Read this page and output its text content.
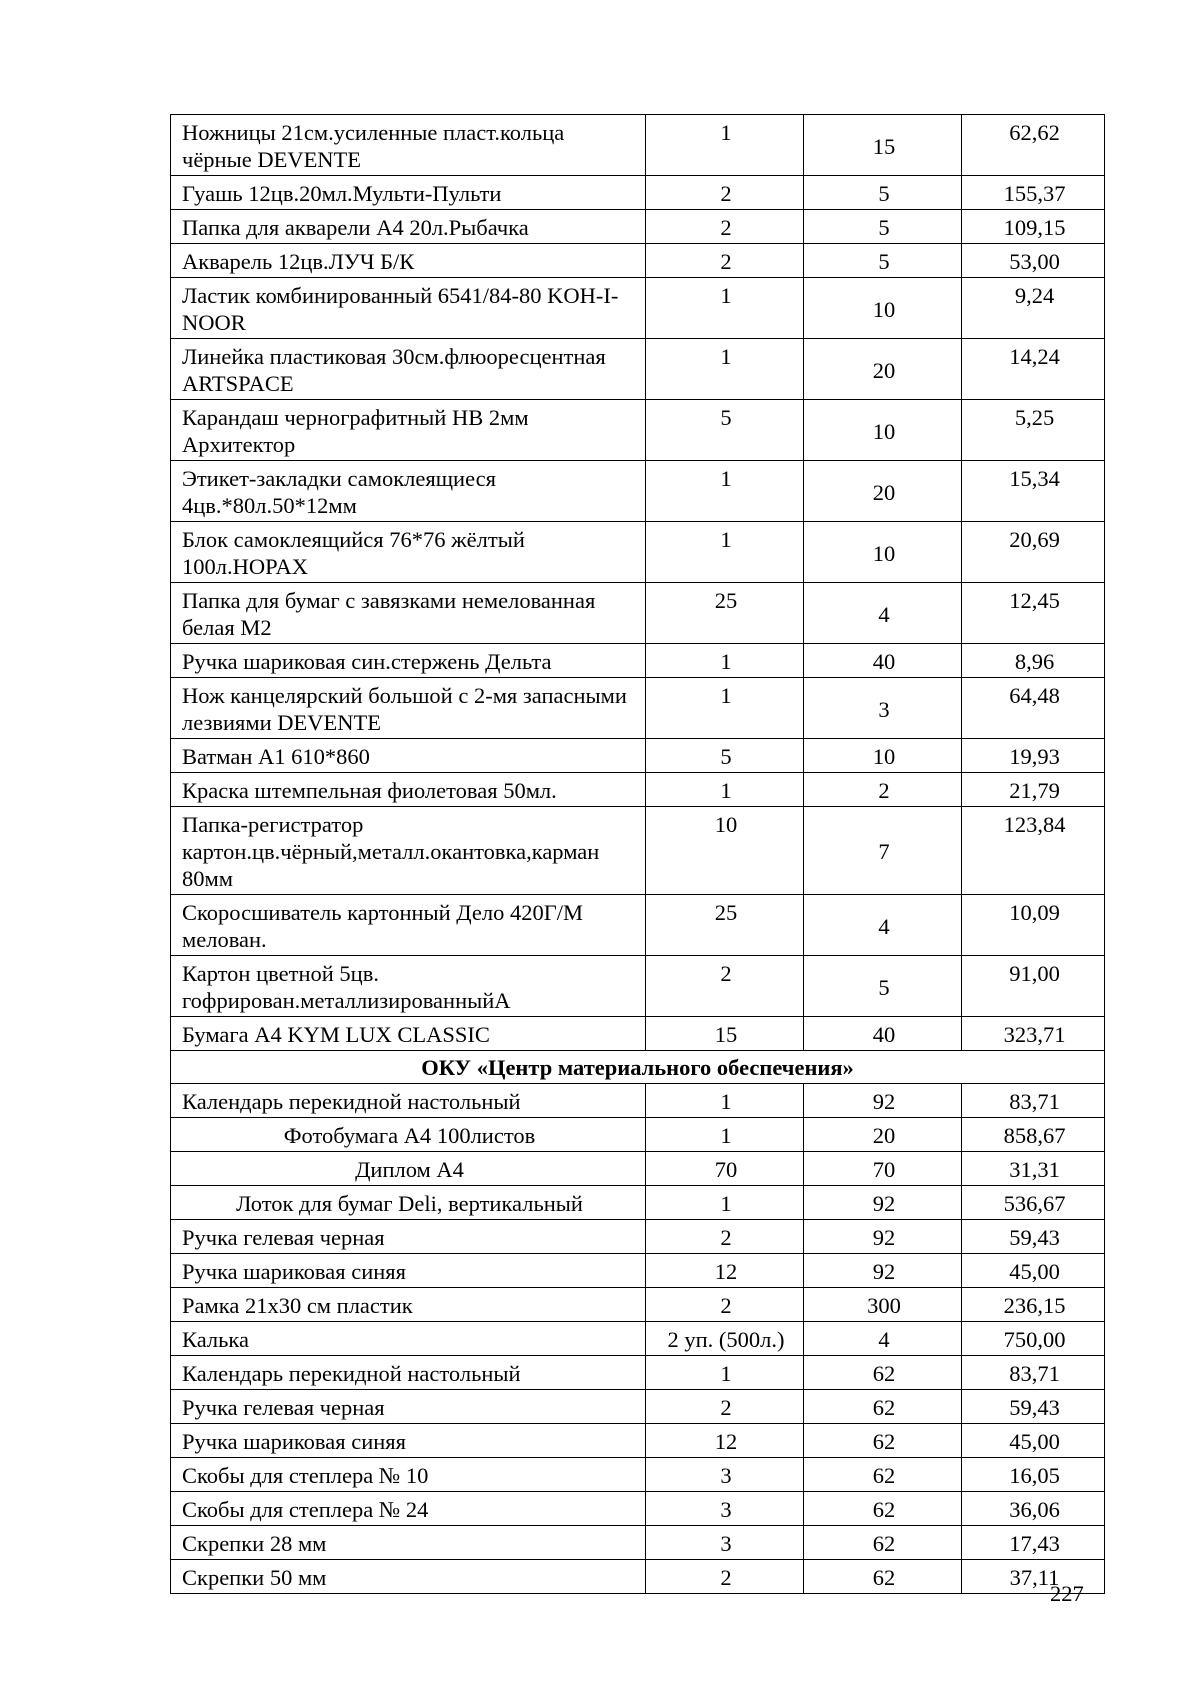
Ножницы 21см.усиленные пласт.кольца чёрные DEVENTE	1	15	62,62
Гуашь 12цв.20мл.Мульти-Пульти	2	5	155,37
Папка для акварели А4 20л.Рыбачка	2	5	109,15
Акварель 12цв.ЛУЧ Б/К	2	5	53,00
Ластик комбинированный 6541/84-80 KOH-I-NOOR	1	10	9,24
Линейка пластиковая 30см.флюоресцентная ARTSPACE	1	20	14,24
Карандаш чернографитный НВ 2мм Архитектор	5	10	5,25
Этикет-закладки самоклеящиеся 4цв.*80л.50*12мм	1	20	15,34
Блок самоклеящийся 76*76 жёлтый 100л.HOPAX	1	10	20,69
Папка для бумаг с завязками немелованная белая М2	25	4	12,45
Ручка шариковая син.стержень Дельта	1	40	8,96
Нож канцелярский большой с 2-мя запасными лезвиями DEVENTE	1	3	64,48
Ватман А1 610*860	5	10	19,93
Краска штемпельная фиолетовая 50мл.	1	2	21,79
Папка-регистратор картон.цв.чёрный,металл.окантовка,карман 80мм	10	7	123,84
Скоросшиватель картонный Дело 420Г/М мелован.	25	4	10,09
Картон цветной 5цв. гофрирован.металлизированныйА	2	5	91,00
Бумага А4 KYM LUX CLASSIC	15	40	323,71
ОКУ «Центр материального обеспечения»			
Календарь перекидной настольный	1	92	83,71
Фотобумага А4 100листов	1	20	858,67
Диплом А4	70	70	31,31
Лоток для бумаг Deli, вертикальный	1	92	536,67
Ручка гелевая черная	2	92	59,43
Ручка шариковая синяя	12	92	45,00
Рамка 21х30 см пластик	2	300	236,15
Калька	2 уп. (500л.)	4	750,00
Календарь перекидной настольный	1	62	83,71
Ручка гелевая черная	2	62	59,43
Ручка шариковая синяя	12	62	45,00
Скобы для степлера № 10	3	62	16,05
Скобы для степлера № 24	3	62	36,06
Скрепки 28 мм	3	62	17,43
Скрепки 50 мм	2	62	37,11
227
